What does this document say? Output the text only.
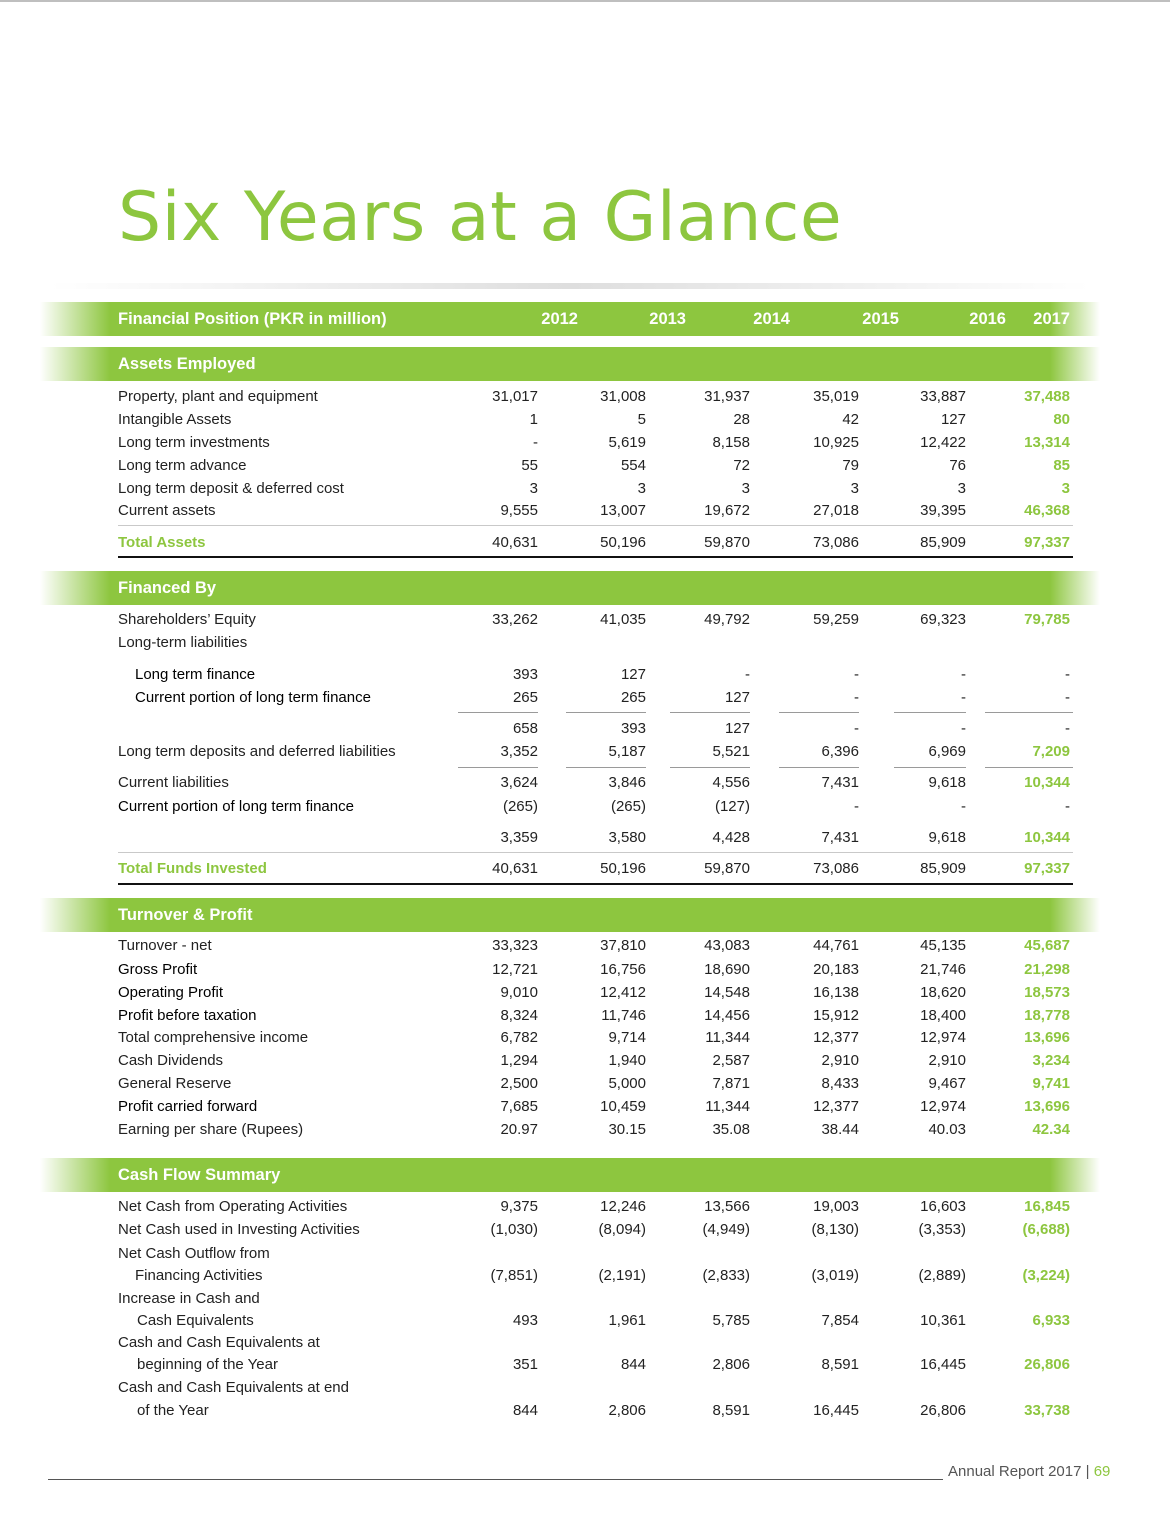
Six Years at a Glance
Financial Position (PKR in million)	2012	2013	2014	2015	2016	2017
Assets Employed
Property, plant and equipment	31,017	31,008	31,937	35,019	33,887	37,488
Intangible Assets	1	5	28	42	127	80
Long term investments	-	5,619	8,158	10,925	12,422	13,314
Long term advance	55	554	72	79	76	85
Long term deposit & deferred cost	3	3	3	3	3	3
Current assets	9,555	13,007	19,672	27,018	39,395	46,368
Total Assets	40,631	50,196	59,870	73,086	85,909	97,337
Financed By
Shareholders’ Equity	33,262	41,035	49,792	59,259	69,323	79,785
Long-term liabilities
Long term finance	393	127	-	-	-	-
Current portion of long term finance	265	265	127	-	-	-
658	393	127	-	-	-
Long term deposits and deferred liabilities	3,352	5,187	5,521	6,396	6,969	7,209
Current liabilities	3,624	3,846	4,556	7,431	9,618	10,344
Current portion of long term finance	(265)	(265)	(127)	-	-	-
3,359	3,580	4,428	7,431	9,618	10,344
Total Funds Invested	40,631	50,196	59,870	73,086	85,909	97,337
Turnover & Profit
Turnover - net	33,323	37,810	43,083	44,761	45,135	45,687
Gross Profit	12,721	16,756	18,690	20,183	21,746	21,298
Operating Profit	9,010	12,412	14,548	16,138	18,620	18,573
Profit before taxation	8,324	11,746	14,456	15,912	18,400	18,778
Total comprehensive income	6,782	9,714	11,344	12,377	12,974	13,696
Cash Dividends	1,294	1,940	2,587	2,910	2,910	3,234
General Reserve	2,500	5,000	7,871	8,433	9,467	9,741
Profit carried forward	7,685	10,459	11,344	12,377	12,974	13,696
Earning per share (Rupees)	20.97	30.15	35.08	38.44	40.03	42.34
Cash Flow Summary
Net Cash from Operating Activities	9,375	12,246	13,566	19,003	16,603	16,845
Net Cash used in Investing Activities	(1,030)	(8,094)	(4,949)	(8,130)	(3,353)	(6,688)
Net Cash Outflow from
Financing Activities	(7,851)	(2,191)	(2,833)	(3,019)	(2,889)	(3,224)
Increase in Cash and
Cash Equivalents	493	1,961	5,785	7,854	10,361	6,933
Cash and Cash Equivalents at
beginning of the Year	351	844	2,806	8,591	16,445	26,806
Cash and Cash Equivalents at end
of the Year	844	2,806	8,591	16,445	26,806	33,738
Annual Report 2017 | 69
